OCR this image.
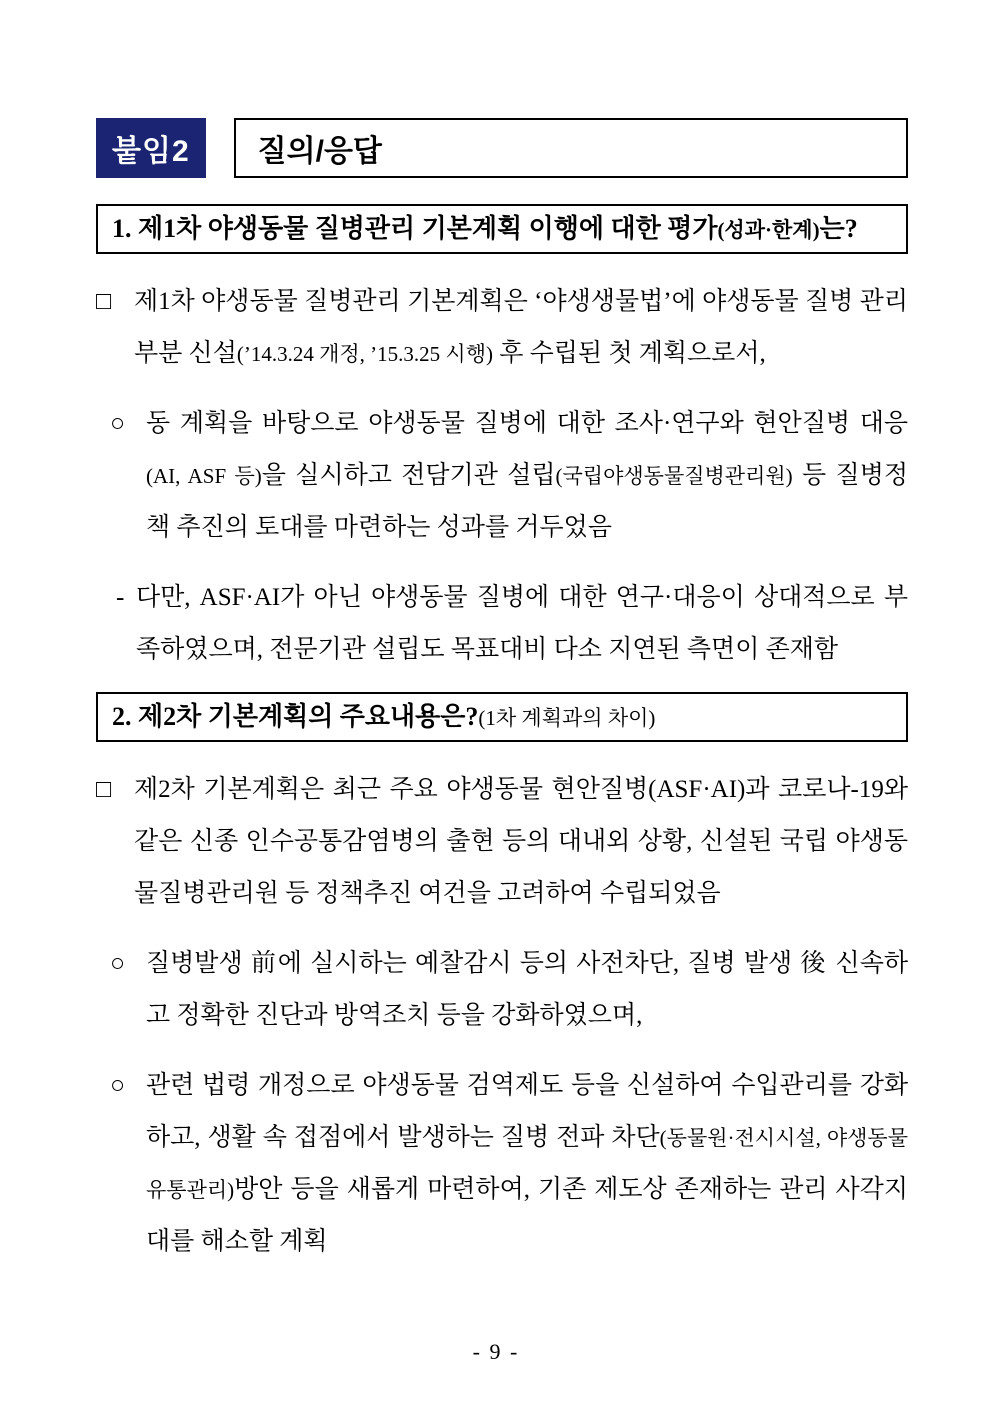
붙임2	질의/응답
1. 제1차 야생동물 질병관리 기본계획 이행에 대한 평가(성과·한계)는?
□ 제1차 야생동물 질병관리 기본계획은 ‘야생생물법’에 야생동물 질병 관리부분 신설(’14.3.24 개정, ’15.3.25 시행) 후 수립된 첫 계획으로서,
○ 동 계획을 바탕으로 야생동물 질병에 대한 조사·연구와 현안질병 대응(AI, ASF 등)을 실시하고 전담기관 설립(국립야생동물질병관리원) 등 질병정책 추진의 토대를 마련하는 성과를 거두었음
- 다만, ASF·AI가 아닌 야생동물 질병에 대한 연구·대응이 상대적으로 부족하였으며, 전문기관 설립도 목표대비 다소 지연된 측면이 존재함
2. 제2차 기본계획의 주요내용은?(1차 계획과의 차이)
□ 제2차 기본계획은 최근 주요 야생동물 현안질병(ASF·AI)과 코로나-19와 같은 신종 인수공통감염병의 출현 등의 대내외 상황, 신설된 국립 야생동물질병관리원 등 정책추진 여건을 고려하여 수립되었음
○ 질병발생 前에 실시하는 예찰감시 등의 사전차단, 질병 발생 後 신속하고 정확한 진단과 방역조치 등을 강화하였으며,
○ 관련 법령 개정으로 야생동물 검역제도 등을 신설하여 수입관리를 강화하고, 생활 속 접점에서 발생하는 질병 전파 차단(동물원·전시시설, 야생동물 유통관리)방안 등을 새롭게 마련하여, 기존 제도상 존재하는 관리 사각지대를 해소할 계획
- 9 -
